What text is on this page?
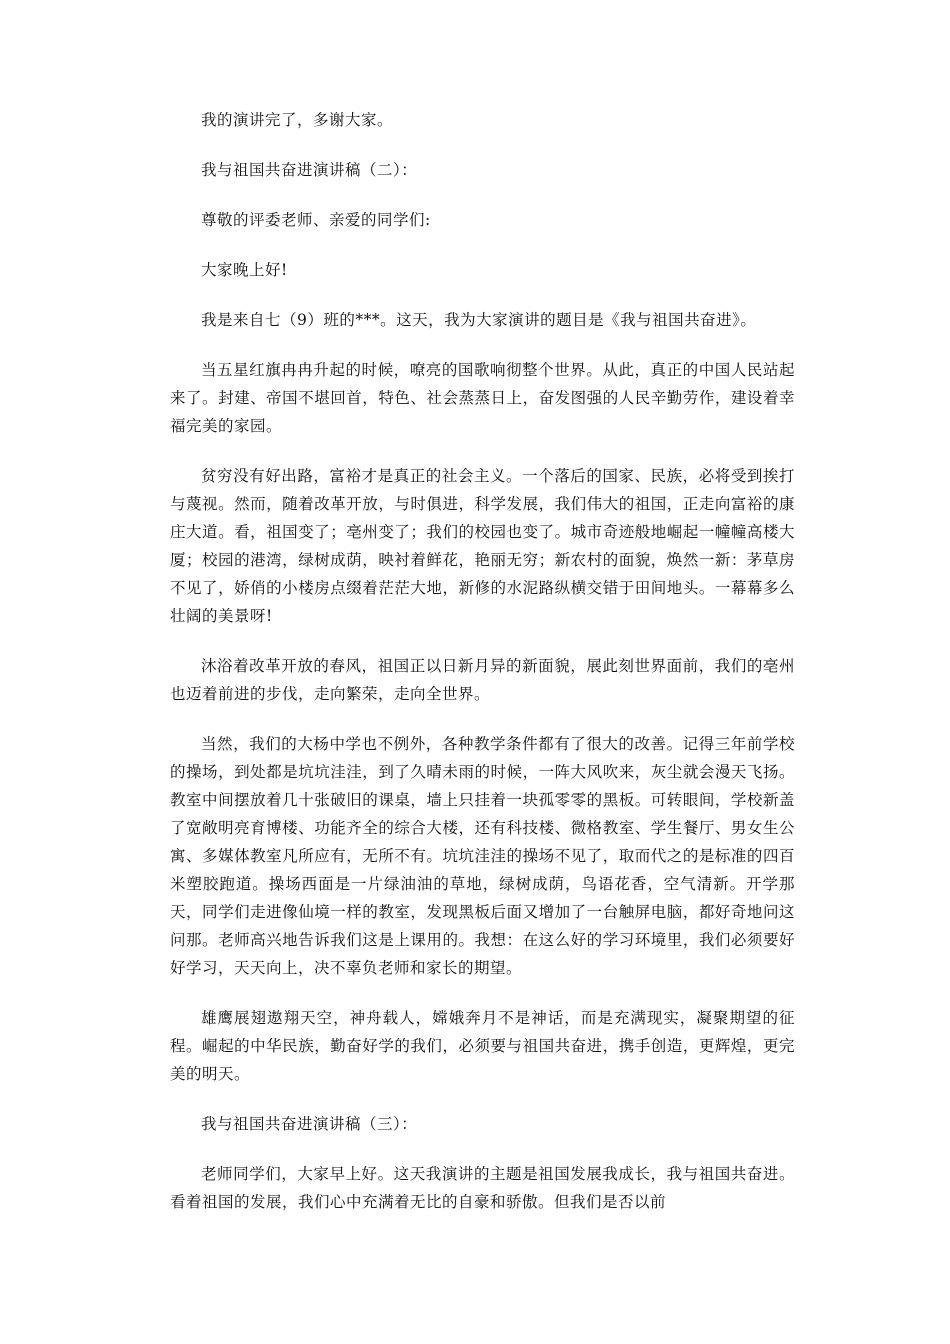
我的演讲完了，多谢大家。

我与祖国共奋进演讲稿（二）：

尊敬的评委老师、亲爱的同学们:

大家晚上好!

我是来自七（9）班的***。这天，我为大家演讲的题目是《我与祖国共奋进》。

当五星红旗冉冉升起的时候，嘹亮的国歌响彻整个世界。从此，真正的中国人民站起来了。封建、帝国不堪回首，特色、社会蒸蒸日上，奋发图强的人民辛勤劳作，建设着幸福完美的家园。

贫穷没有好出路，富裕才是真正的社会主义。一个落后的国家、民族，必将受到挨打与蔑视。然而，随着改革开放，与时俱进，科学发展，我们伟大的祖国，正走向富裕的康庄大道。看，祖国变了；亳州变了；我们的校园也变了。城市奇迹般地崛起一幢幢高楼大厦；校园的港湾，绿树成荫，映衬着鲜花，艳丽无穷；新农村的面貌，焕然一新：茅草房不见了，娇俏的小楼房点缀着茫茫大地，新修的水泥路纵横交错于田间地头。一幕幕多么壮阔的美景呀!

沐浴着改革开放的春风，祖国正以日新月异的新面貌，展此刻世界面前，我们的亳州也迈着前进的步伐，走向繁荣，走向全世界。

当然，我们的大杨中学也不例外，各种教学条件都有了很大的改善。记得三年前学校的操场，到处都是坑坑洼洼，到了久晴未雨的时候，一阵大风吹来，灰尘就会漫天飞扬。教室中间摆放着几十张破旧的课桌，墙上只挂着一块孤零零的黑板。可转眼间，学校新盖了宽敞明亮育博楼、功能齐全的综合大楼，还有科技楼、微格教室、学生餐厅、男女生公寓、多媒体教室凡所应有，无所不有。坑坑洼洼的操场不见了，取而代之的是标准的四百米塑胶跑道。操场西面是一片绿油油的草地，绿树成荫，鸟语花香，空气清新。开学那天，同学们走进像仙境一样的教室，发现黑板后面又增加了一台触屏电脑，都好奇地问这问那。老师高兴地告诉我们这是上课用的。我想：在这么好的学习环境里，我们必须要好好学习，天天向上，决不辜负老师和家长的期望。

雄鹰展翅遨翔天空，神舟载人，嫦娥奔月不是神话，而是充满现实，凝聚期望的征程。崛起的中华民族，勤奋好学的我们，必须要与祖国共奋进，携手创造，更辉煌，更完美的明天。

我与祖国共奋进演讲稿（三）：

老师同学们，大家早上好。这天我演讲的主题是祖国发展我成长，我与祖国共奋进。看着祖国的发展，我们心中充满着无比的自豪和骄傲。但我们是否以前
